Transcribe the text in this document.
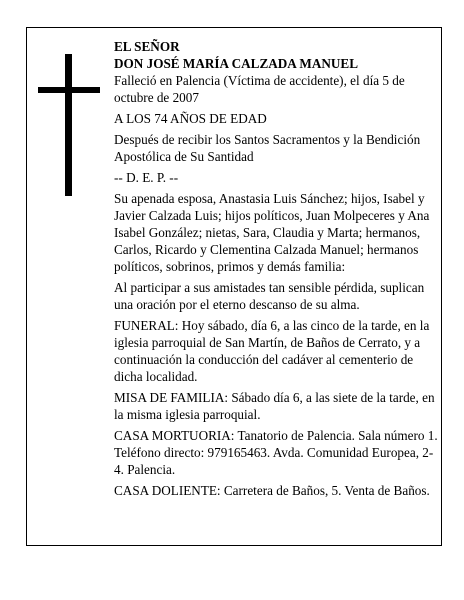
EL SEÑOR

DON JOSÉ MARÍA CALZADA MANUEL

Falleció en Palencia (Víctima de accidente), el día 5 de octubre de 2007

A LOS 74 AÑOS DE EDAD

Después de recibir los Santos Sacramentos y la Bendición Apostólica de Su Santidad

-- D. E. P. --

Su apenada esposa, Anastasia Luis Sánchez; hijos, Isabel y Javier Calzada Luis; hijos políticos, Juan Molpeceres y Ana Isabel González; nietas, Sara, Claudia y Marta; hermanos, Carlos, Ricardo y Clementina Calzada Manuel; hermanos políticos, sobrinos, primos y demás familia:

Al participar a sus amistades tan sensible pérdida, suplican una oración por el eterno descanso de su alma.

FUNERAL: Hoy sábado, día 6, a las cinco de la tarde, en la iglesia parroquial de San Martín, de Baños de Cerrato, y a continuación la conducción del cadáver al cementerio de dicha localidad.

MISA DE FAMILIA: Sábado día 6, a las siete de la tarde, en la misma iglesia parroquial.

CASA MORTUORIA: Tanatorio de Palencia. Sala número 1. Teléfono directo: 979165463. Avda. Comunidad Europea, 2-4. Palencia.

CASA DOLIENTE: Carretera de Baños, 5. Venta de Baños.
